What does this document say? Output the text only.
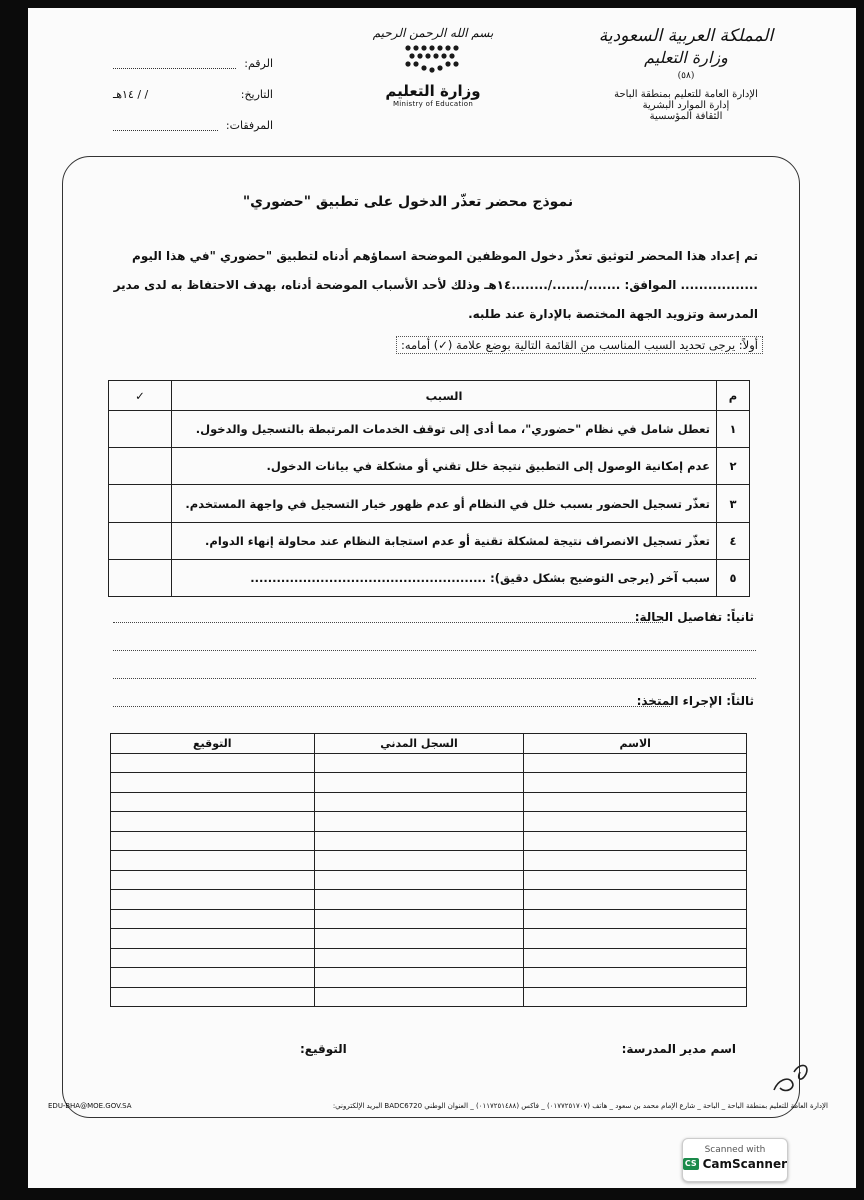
المملكة العربية السعودية
وزارة التعليم
(٥٨)
الإدارة العامة للتعليم بمنطقة الباحة
إدارة الموارد البشرية
الثقافة المؤسسية
بسم الله الرحمن الرحيم
وزارة التعليم
Ministry of Education
الرقم:
التاريخ:
/ / ١٤هـ
المرفقات:
نموذج محضر تعذّر الدخول على تطبيق "حضوري"
تم إعداد هذا المحضر لتوثيق تعذّر دخول الموظفين الموضحة اسماؤهم أدناه لتطبيق "حضوري "في هذا اليوم
................. الموافق: ......./......./........١٤هـ وذلك لأحد الأسباب الموضحة أدناه، بهدف الاحتفاظ به لدى مدير
المدرسة وتزويد الجهة المختصة بالإدارة عند طلبه.
أولاً: يرجى تحديد السبب المناسب من القائمة التالية بوضع علامة (✓) أمامه:
م	السبب	✓
١	تعطل شامل في نظام "حضوري"، مما أدى إلى توقف الخدمات المرتبطة بالتسجيل والدخول.	
٢	عدم إمكانية الوصول إلى التطبيق نتيجة خلل تقني أو مشكلة في بيانات الدخول.	
٣	تعذّر تسجيل الحضور بسبب خلل في النظام أو عدم ظهور خيار التسجيل في واجهة المستخدم.	
٤	تعذّر تسجيل الانصراف نتيجة لمشكلة تقنية أو عدم استجابة النظام عند محاولة إنهاء الدوام.	
٥	سبب آخر (يرجى التوضيح بشكل دقيق): ......................................................	
ثانياً: تفاصيل الحالة:
ثالثاً: الإجراء المتخذ:
الاسم	السجل المدني	التوقيع

اسم مدير المدرسة:
التوقيع:
EDU-BHA@MOE.GOV.SA	الإدارة العامة للتعليم بمنطقة الباحة _ الباحة _ شارع الإمام محمد بن سعود _ هاتف (٠١٧٧٢٥١٧٠٧) _ فاكس (٠١١٧٢٥١٤٨٨) _ العنوان الوطني BADC6720 البريد الإلكتروني:
Scanned with
CS CamScanner
